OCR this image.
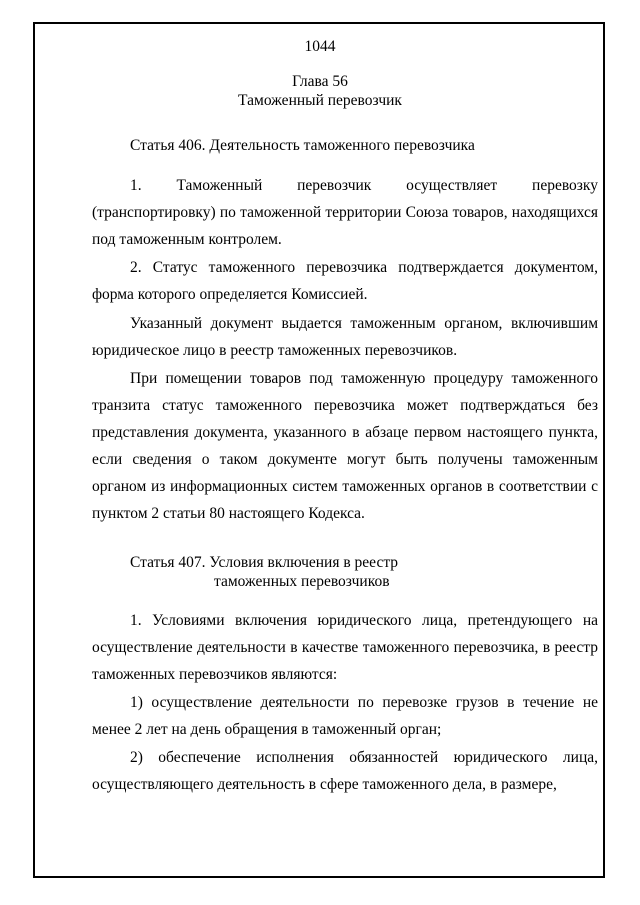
1044
Глава 56
Таможенный перевозчик
Статья 406. Деятельность таможенного перевозчика
1. Таможенный перевозчик осуществляет перевозку (транспортировку) по таможенной территории Союза товаров, находящихся под таможенным контролем.
2. Статус таможенного перевозчика подтверждается документом, форма которого определяется Комиссией.
Указанный документ выдается таможенным органом, включившим юридическое лицо в реестр таможенных перевозчиков.
При помещении товаров под таможенную процедуру таможенного транзита статус таможенного перевозчика может подтверждаться без представления документа, указанного в абзаце первом настоящего пункта, если сведения о таком документе могут быть получены таможенным органом из информационных систем таможенных органов в соответствии с пунктом 2 статьи 80 настоящего Кодекса.
Статья 407. Условия включения в реестр
таможенных перевозчиков
1. Условиями включения юридического лица, претендующего на осуществление деятельности в качестве таможенного перевозчика, в реестр таможенных перевозчиков являются:
1) осуществление деятельности по перевозке грузов в течение не менее 2 лет на день обращения в таможенный орган;
2) обеспечение исполнения обязанностей юридического лица, осуществляющего деятельность в сфере таможенного дела, в размере,
